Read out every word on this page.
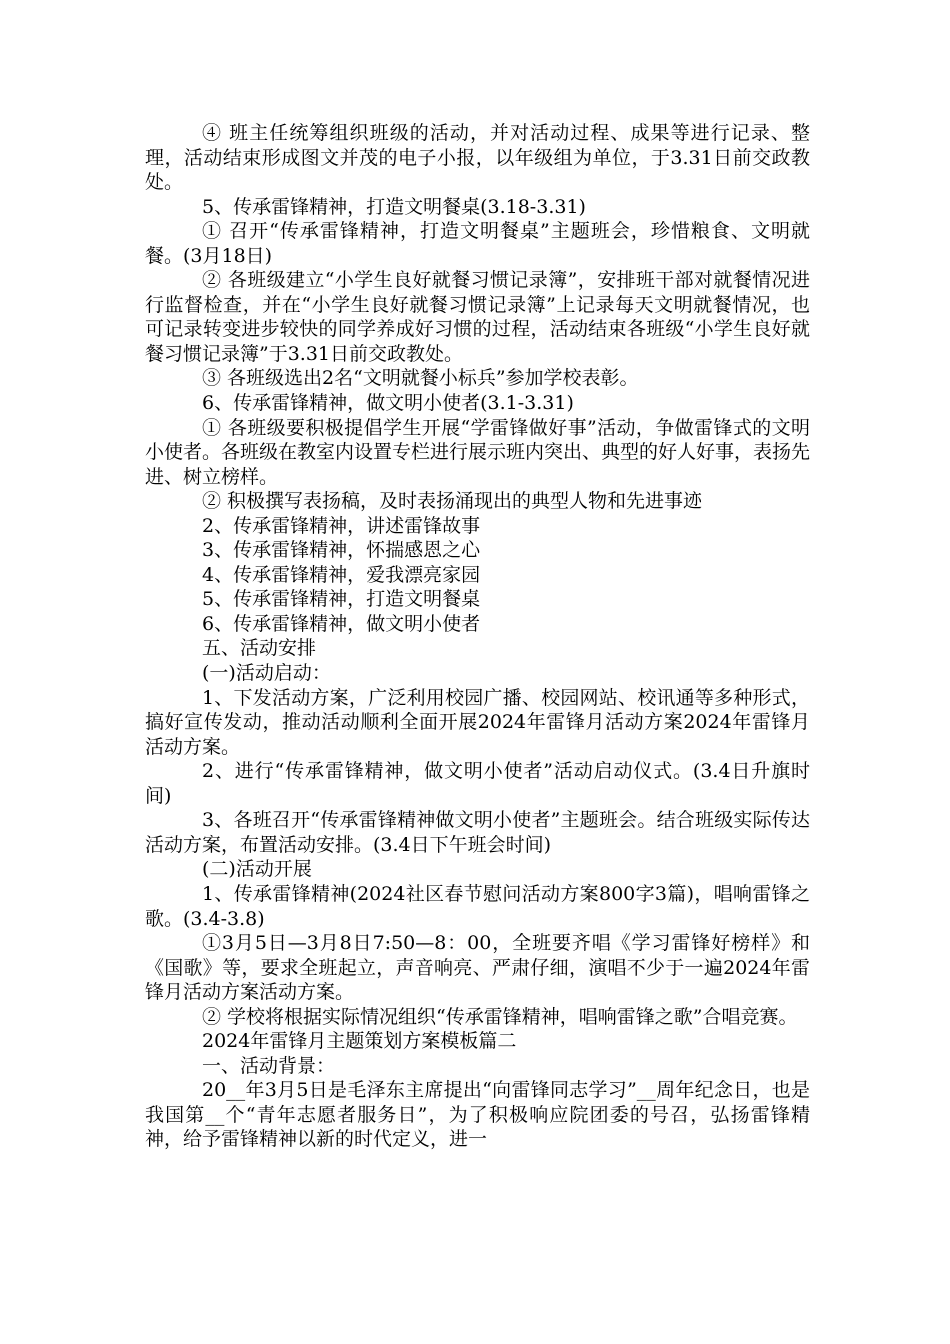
④ 班主任统筹组织班级的活动，并对活动过程、成果等进行记录、整理，活动结束形成图文并茂的电子小报，以年级组为单位，于3.31日前交政教处。

5、传承雷锋精神，打造文明餐桌(3.18-3.31)

① 召开“传承雷锋精神，打造文明餐桌”主题班会，珍惜粮食、文明就餐。(3月18日)

② 各班级建立“小学生良好就餐习惯记录簿”，安排班干部对就餐情况进行监督检查，并在“小学生良好就餐习惯记录簿”上记录每天文明就餐情况，也可记录转变进步较快的同学养成好习惯的过程，活动结束各班级“小学生良好就餐习惯记录簿”于3.31日前交政教处。

③ 各班级选出2名“文明就餐小标兵”参加学校表彰。

6、传承雷锋精神，做文明小使者(3.1-3.31)

① 各班级要积极提倡学生开展“学雷锋做好事”活动，争做雷锋式的文明小使者。各班级在教室内设置专栏进行展示班内突出、典型的好人好事，表扬先进、树立榜样。

② 积极撰写表扬稿，及时表扬涌现出的典型人物和先进事迹

2、传承雷锋精神，讲述雷锋故事

3、传承雷锋精神，怀揣感恩之心

4、传承雷锋精神，爱我漂亮家园

5、传承雷锋精神，打造文明餐桌

6、传承雷锋精神，做文明小使者

五、活动安排

(一)活动启动：

1、下发活动方案，广泛利用校园广播、校园网站、校讯通等多种形式，搞好宣传发动，推动活动顺利全面开展2024年雷锋月活动方案2024年雷锋月活动方案。

2、进行“传承雷锋精神，做文明小使者”活动启动仪式。(3.4日升旗时间)

3、各班召开“传承雷锋精神做文明小使者”主题班会。结合班级实际传达活动方案，布置活动安排。(3.4日下午班会时间)

(二)活动开展

1、传承雷锋精神(2024社区春节慰问活动方案800字3篇)，唱响雷锋之歌。(3.4-3.8)

①3月5日—3月8日7:50—8：00，全班要齐唱《学习雷锋好榜样》和《国歌》等，要求全班起立，声音响亮、严肃仔细，演唱不少于一遍2024年雷锋月活动方案活动方案。

② 学校将根据实际情况组织“传承雷锋精神，唱响雷锋之歌”合唱竞赛。

2024年雷锋月主题策划方案模板篇二

一、活动背景：

20__年3月5日是毛泽东主席提出“向雷锋同志学习”__周年纪念日，也是我国第__个“青年志愿者服务日”，为了积极响应院团委的号召，弘扬雷锋精神，给予雷锋精神以新的时代定义，进一
